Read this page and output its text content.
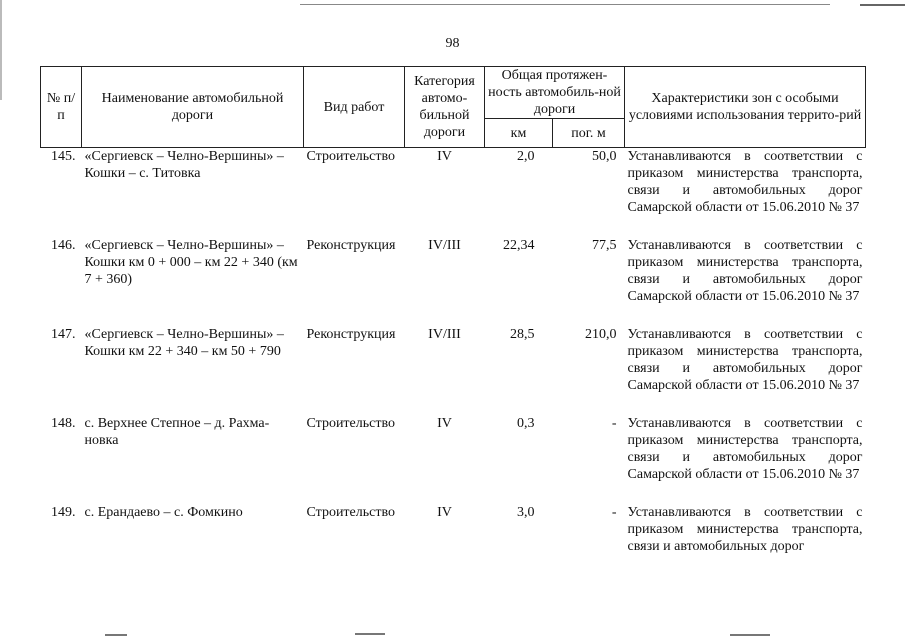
98
№ п/п	Наименование автомобильной дороги	Вид работ	Категория автомо-бильной дороги	Общая протяжен-ность автомобиль-ной дороги		Характеристики зон с особыми условиями использования террито-рий
				км	пог. м	
145.	«Сергиевск – Челно-Вершины» – Кошки – с. Титовка	Строительство	IV	2,0	50,0	Устанавливаются в соответствии с приказом министерства транспорта, связи и автомобильных дорог Самарской области от 15.06.2010 № 37
146.	«Сергиевск – Челно-Вершины» – Кошки км 0 + 000 – км 22 + 340 (км 7 + 360)	Реконструкция	IV/III	22,34	77,5	Устанавливаются в соответствии с приказом министерства транспорта, связи и автомобильных дорог Самарской области от 15.06.2010 № 37
147.	«Сергиевск – Челно-Вершины» – Кошки км 22 + 340 – км 50 + 790	Реконструкция	IV/III	28,5	210,0	Устанавливаются в соответствии с приказом министерства транспорта, связи и автомобильных дорог Самарской области от 15.06.2010 № 37
148.	с. Верхнее Степное – д. Рахма-новка	Строительство	IV	0,3	-	Устанавливаются в соответствии с приказом министерства транспорта, связи и автомобильных дорог Самарской области от 15.06.2010 № 37
149.	с. Ерандаево – с. Фомкино	Строительство	IV	3,0	-	Устанавливаются в соответствии с приказом министерства транспорта, связи и автомобильных дорог
